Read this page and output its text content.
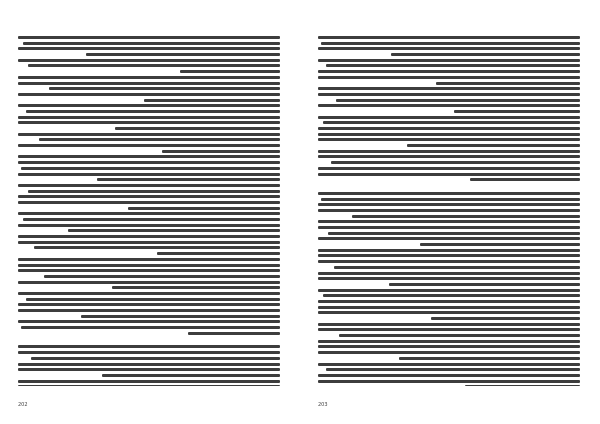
202	203
